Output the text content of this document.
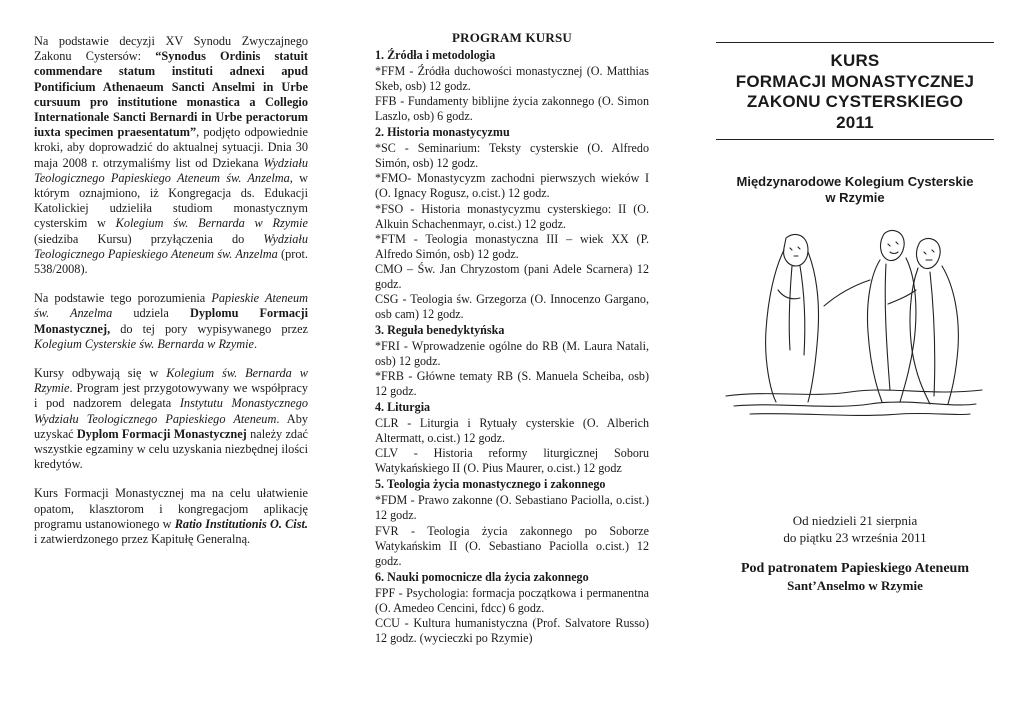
Na podstawie decyzji XV Synodu Zwyczajnego Zakonu Cystersów: “Synodus Ordinis statuit commendare statum instituti adnexi apud Pontificium Athenaeum Sancti Anselmi in Urbe cursuum pro institutione monastica a Collegio Internationale Sancti Bernardi in Urbe peractorum iuxta specimen praesentatum”, podjęto odpowiednie kroki, aby doprowadzić do aktualnej sytuacji. Dnia 30 maja 2008 r. otrzymaliśmy list od Dziekana Wydziału Teologicznego Papieskiego Ateneum św. Anzelma, w którym oznajmiono, iż Kongregacja ds. Edukacji Katolickiej udzieliła studiom monastycznym cysterskim w Kolegium św. Bernarda w Rzymie (siedziba Kursu) przyłączenia do Wydziału Teologicznego Papieskiego Ateneum św. Anzelma (prot. 538/2008).

Na podstawie tego porozumienia Papieskie Ateneum św. Anzelma udziela Dyplomu Formacji Monastycznej, do tej pory wypisywanego przez Kolegium Cysterskie św. Bernarda w Rzymie.

Kursy odbywają się w Kolegium św. Bernarda w Rzymie. Program jest przygotowywany we współpracy i pod nadzorem delegata Instytutu Monastycznego Wydziału Teologicznego Papieskiego Ateneum. Aby uzyskać Dyplom Formacji Monastycznej należy zdać wszystkie egzaminy w celu uzyskania niezbędnej ilości kredytów.

Kurs Formacji Monastycznej ma na celu ułatwienie opatom, klasztorom i kongregacjom aplikację programu ustanowionego w Ratio Institutionis O. Cist. i zatwierdzonego przez Kapitułę Generalną.

PROGRAM KURSU
1. Źródła i metodologia
*FFM - Źródła duchowości monastycznej (O. Matthias Skeb, osb) 12 godz.
FFB - Fundamenty biblijne życia zakonnego (O. Simon Laszlo, osb) 6 godz.
2. Historia monastycyzmu
*SC - Seminarium: Teksty cysterskie (O. Alfredo Simón, osb) 12 godz.
*FMO- Monastycyzm zachodni pierwszych wieków I (O. Ignacy Rogusz, o.cist.) 12 godz.
*FSO - Historia monastycyzmu cysterskiego: II (O. Alkuin Schachenmayr, o.cist.) 12 godz.
*FTM - Teologia monastyczna III – wiek XX (P. Alfredo Simón, osb) 12 godz.
CMO – Św. Jan Chryzostom (pani Adele Scarnera) 12 godz.
CSG - Teologia św. Grzegorza (O. Innocenzo Gargano, osb cam) 12 godz.
3. Reguła benedyktyńska
*FRI - Wprowadzenie ogólne do RB (M. Laura Natali, osb) 12 godz.
*FRB - Główne tematy RB (S. Manuela Scheiba, osb) 12 godz.
4. Liturgia
CLR - Liturgia i Rytuały cysterskie (O. Alberich Altermatt, o.cist.) 12 godz.
CLV - Historia reformy liturgicznej Soboru Watykańskiego II (O. Pius Maurer, o.cist.) 12 godz
5. Teologia życia monastycznego i zakonnego
*FDM - Prawo zakonne (O. Sebastiano Paciolla, o.cist.) 12 godz.
FVR - Teologia życia zakonnego po Soborze Watykańskim II (O. Sebastiano Paciolla o.cist.) 12 godz.
6. Nauki pomocnicze dla życia zakonnego
FPF - Psychologia: formacja początkowa i permanentna (O. Amedeo Cencini, fdcc) 6 godz.
CCU - Kultura humanistyczna (Prof. Salvatore Russo) 12 godz. (wycieczki po Rzymie)
KURS
FORMACJI MONASTYCZNEJ
ZAKONU CYSTERSKIEGO
2011
Międzynarodowe Kolegium Cysterskie
w Rzymie
Od niedzieli 21 sierpnia
do piątku 23 września 2011
Pod patronatem Papieskiego Ateneum
Sant’Anselmo w Rzymie
